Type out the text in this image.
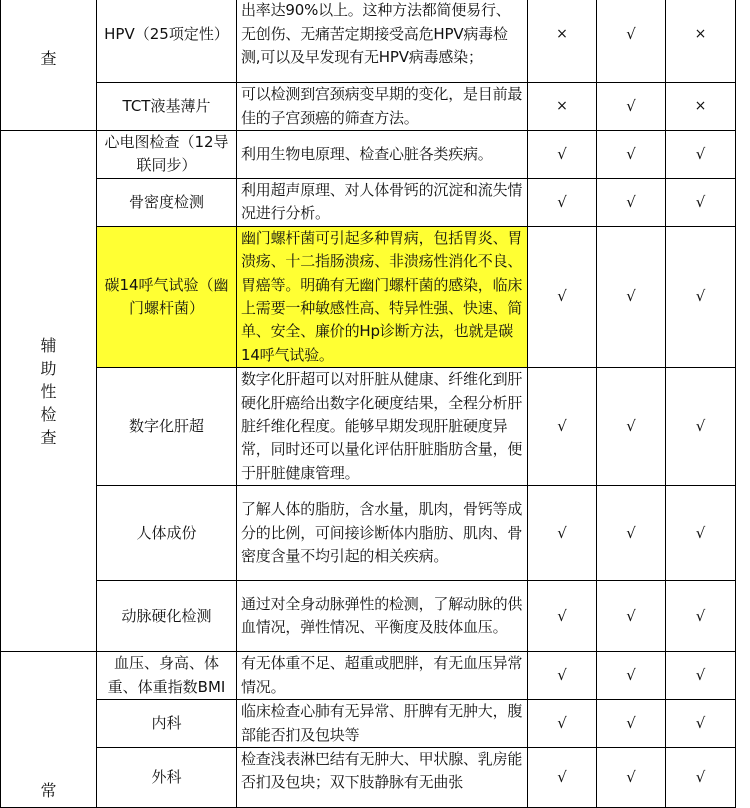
查	HPV（25项定性）	出率达90%以上。这种方法都简便易行、无创伤、无痛苦定期接受高危HPV病毒检测,可以及早发现有无HPV病毒感染；	×	√	×
	TCT液基薄片	可以检测到宫颈病变早期的变化，是目前最佳的子宫颈癌的筛查方法。	×	√	×

辅
助
性
检
查	心电图检查（12导联同步）	利用生物电原理、检查心脏各类疾病。	√	√	√
	骨密度检测	利用超声原理、对人体骨钙的沉淀和流失情况进行分析。	√	√	√
	碳14呼气试验（幽门螺杆菌）	幽门螺杆菌可引起多种胃病，包括胃炎、胃溃疡、十二指肠溃疡、非溃疡性消化不良、胃癌等。明确有无幽门螺杆菌的感染，临床上需要一种敏感性高、特异性强、快速、简单、安全、廉价的Hp诊断方法，也就是碳14呼气试验。	√	√	√
	数字化肝超	数字化肝超可以对肝脏从健康、纤维化到肝硬化肝癌给出数字化硬度结果，全程分析肝脏纤维化程度。能够早期发现肝脏硬度异常，同时还可以量化评估肝脏脂肪含量，便于肝脏健康管理。	√	√	√
	人体成份	了解人体的脂肪，含水量，肌肉，骨钙等成分的比例，可间接诊断体内脂肪、肌肉、骨密度含量不均引起的相关疾病。	√	√	√
	动脉硬化检测	通过对全身动脉弹性的检测，了解动脉的供血情况，弹性情况、平衡度及肢体血压。	√	√	√

常	血压、身高、体重、体重指数BMI	有无体重不足、超重或肥胖，有无血压异常情况。	√	√	√
	内科	临床检查心肺有无异常、肝脾有无肿大，腹部能否扪及包块等	√	√	√
	外科	检查浅表淋巴结有无肿大、甲状腺、乳房能否扪及包块；双下肢静脉有无曲张	√	√	√
